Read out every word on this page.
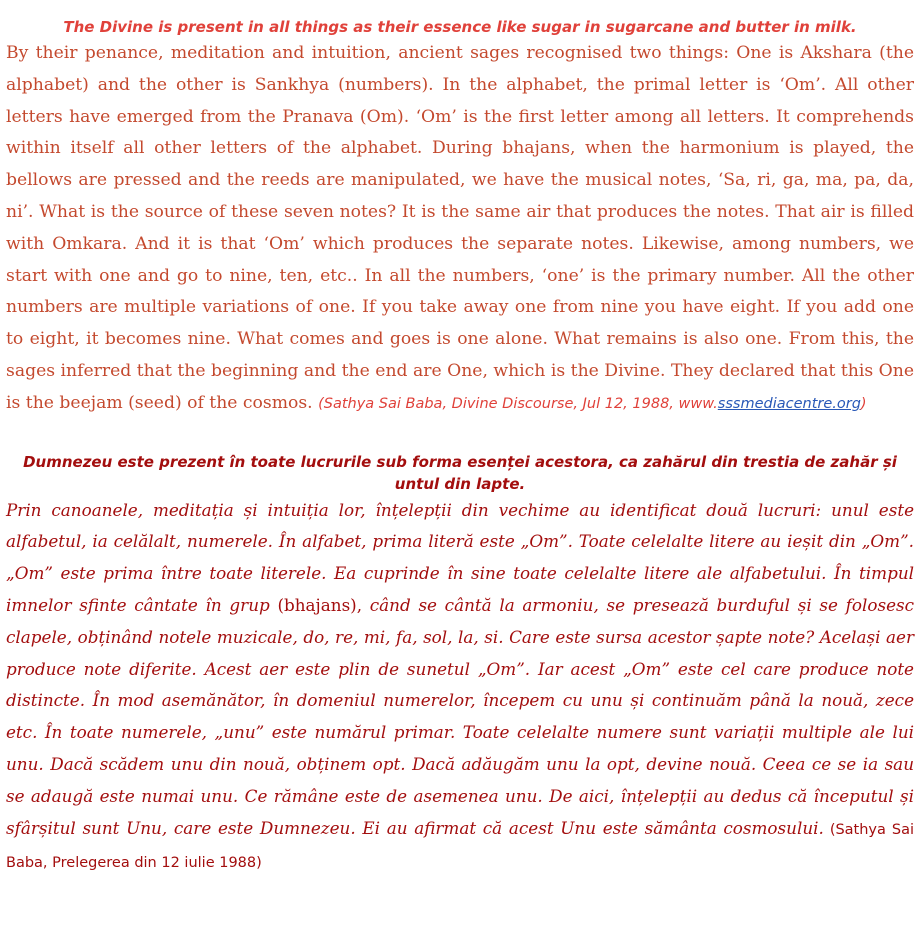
The Divine is present in all things as their essence like sugar in sugarcane and butter in milk.

By their penance, meditation and intuition, ancient sages recognised two things: One is Akshara (the alphabet) and the other is Sankhya (numbers). In the alphabet, the primal letter is ‘Om’. All other letters have emerged from the Pranava (Om). ‘Om’ is the first letter among all letters. It comprehends within itself all other letters of the alphabet. During bhajans, when the harmonium is played, the bellows are pressed and the reeds are manipulated, we have the musical notes, ‘Sa, ri, ga, ma, pa, da, ni’. What is the source of these seven notes? It is the same air that produces the notes. That air is filled with Omkara. And it is that ‘Om’ which produces the separate notes. Likewise, among numbers, we start with one and go to nine, ten, etc.. In all the numbers, ‘one’ is the primary number. All the other numbers are multiple variations of one. If you take away one from nine you have eight. If you add one to eight, it becomes nine. What comes and goes is one alone. What remains is also one. From this, the sages inferred that the beginning and the end are One, which is the Divine. They declared that this One is the beejam (seed) of the cosmos. (Sathya Sai Baba, Divine Discourse, Jul 12, 1988, www.sssmediacentre.org)

Dumnezeu este prezent în toate lucrurile sub forma esenței acestora, ca zahărul din trestia de zahăr și untul din lapte.

Prin canoanele, meditația și intuiția lor, înțelepții din vechime au identificat două lucruri: unul este alfabetul, ia celălalt, numerele. În alfabet, prima literă este „Om”. Toate celelalte litere au ieșit din „Om”. „Om” este prima între toate literele. Ea cuprinde în sine toate celelalte litere ale alfabetului. În timpul imnelor sfinte cântate în grup (bhajans), când se cântă la armoniu, se presează burduful și se folosesc clapele, obținând notele muzicale, do, re, mi, fa, sol, la, si. Care este sursa acestor șapte note? Același aer produce note diferite. Acest aer este plin de sunetul „Om”. Iar acest „Om” este cel care produce note distincte. În mod asemănător, în domeniul numerelor, începem cu unu și continuăm până la nouă, zece etc. În toate numerele, „unu” este numărul primar. Toate celelalte numere sunt variații multiple ale lui unu. Dacă scădem unu din nouă, obținem opt. Dacă adăugăm unu la opt, devine nouă. Ceea ce se ia sau se adaugă este numai unu. Ce rămâne este de asemenea unu. De aici, înțelepții au dedus că începutul și sfârșitul sunt Unu, care este Dumnezeu. Ei au afirmat că acest Unu este sământa cosmosului. (Sathya Sai Baba, Prelegerea din 12 iulie 1988)
